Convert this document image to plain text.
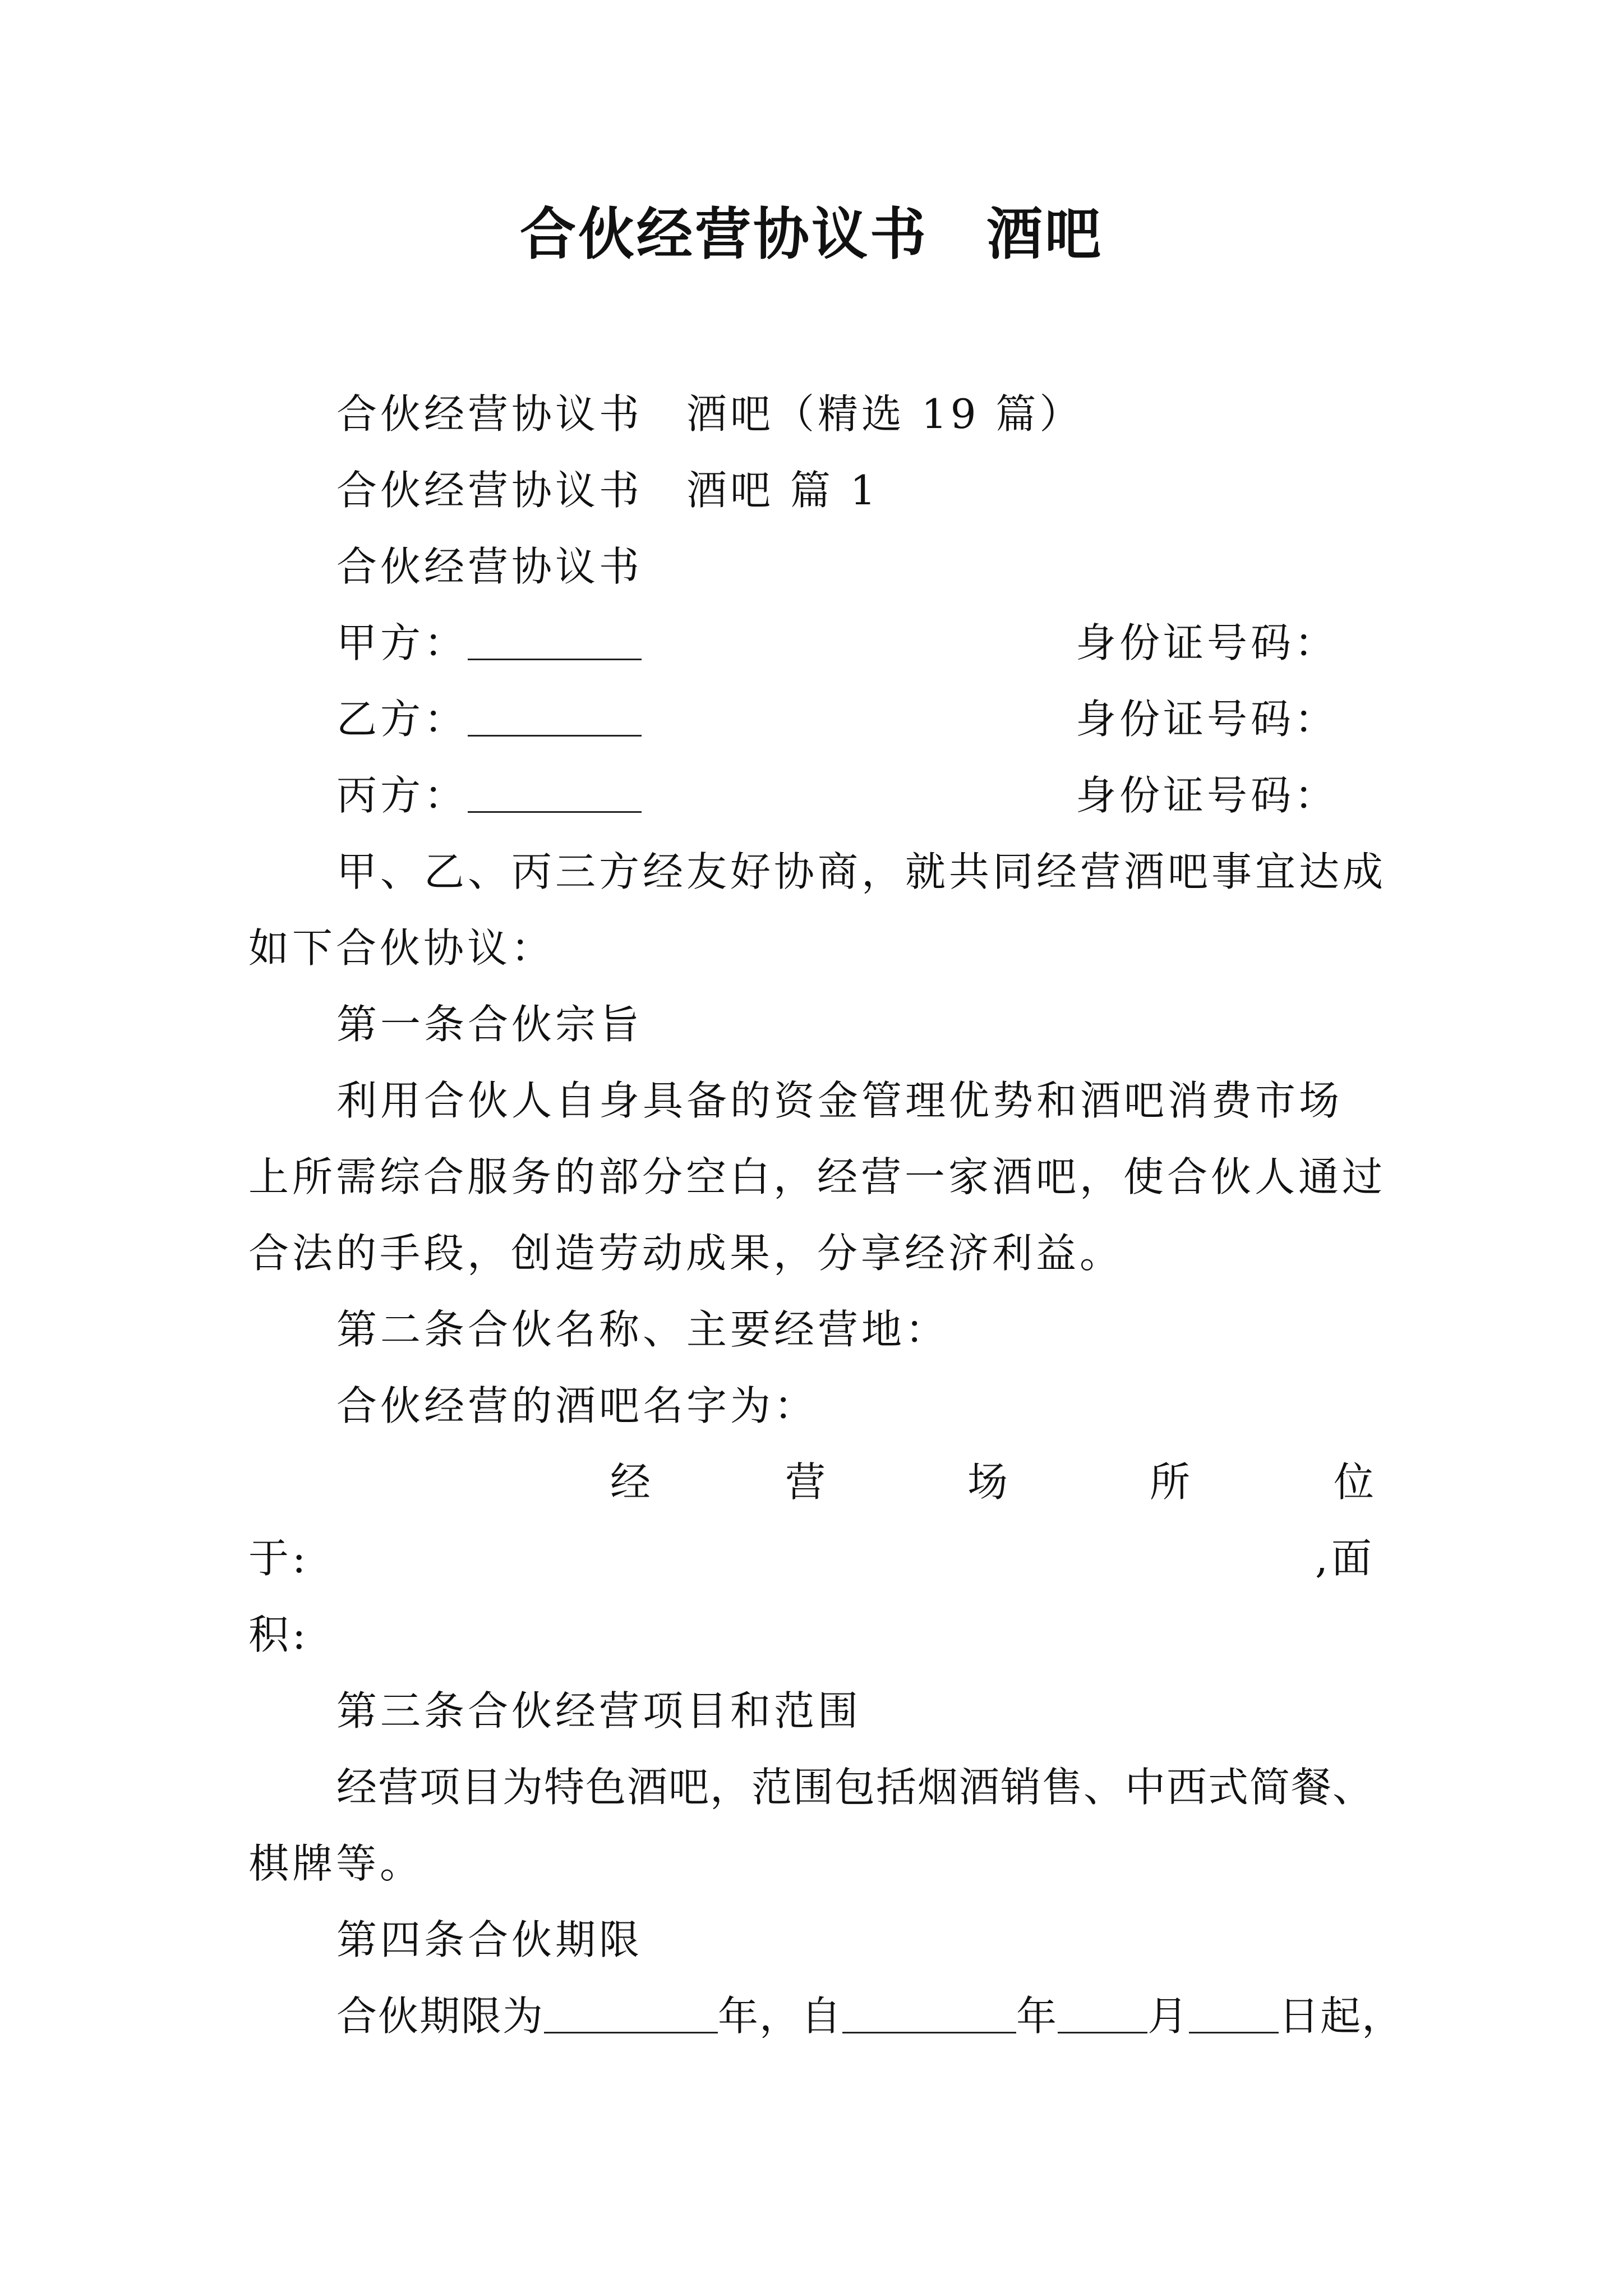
合伙经营协议书　酒吧
合伙经营协议书　酒吧（精选 19 篇）
合伙经营协议书　酒吧 篇 1
合伙经营协议书
甲方：	身份证号码：
乙方：	身份证号码：
丙方：	身份证号码：
甲、乙、丙三方经友好协商，就共同经营酒吧事宜达成
如下合伙协议：
第一条合伙宗旨
利用合伙人自身具备的资金管理优势和酒吧消费市场
上所需综合服务的部分空白，经营一家酒吧，使合伙人通过
合法的手段，创造劳动成果，分享经济利益。
第二条合伙名称、主要经营地：
合伙经营的酒吧名字为：
经	营	场	所	位
于:	,面
积:
第三条合伙经营项目和范围
经营项目为特色酒吧，范围包括烟酒销售、中西式简餐、
棋牌等。
第四条合伙期限
合伙期限为	年，自	年 月 日起，
